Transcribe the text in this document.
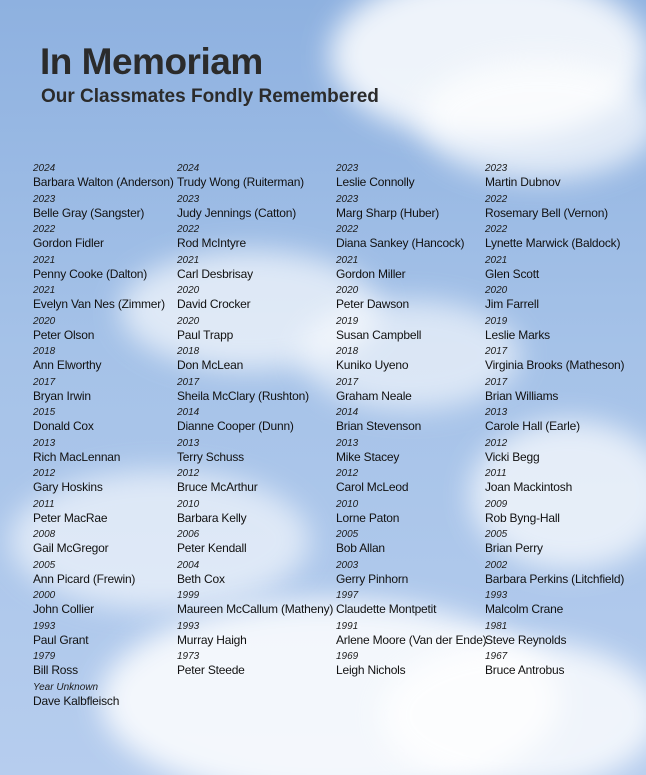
In Memoriam
Our Classmates Fondly Remembered
2024
Barbara Walton (Anderson)
2023
Belle Gray (Sangster)
2022
Gordon Fidler
2021
Penny Cooke (Dalton)
2021
Evelyn Van Nes (Zimmer)
2020
Peter Olson
2018
Ann Elworthy
2017
Bryan Irwin
2015
Donald Cox
2013
Rich MacLennan
2012
Gary Hoskins
2011
Peter MacRae
2008
Gail McGregor
2005
Ann Picard (Frewin)
2000
John Collier
1993
Paul Grant
1979
Bill Ross
Year Unknown
Dave Kalbfleisch
2024
Trudy Wong (Ruiterman)
2023
Judy Jennings (Catton)
2022
Rod McIntyre
2021
Carl Desbrisay
2020
David Crocker
2020
Paul Trapp
2018
Don McLean
2017
Sheila McClary (Rushton)
2014
Dianne Cooper (Dunn)
2013
Terry Schuss
2012
Bruce McArthur
2010
Barbara Kelly
2006
Peter Kendall
2004
Beth Cox
1999
Maureen McCallum (Matheny)
1993
Murray Haigh
1973
Peter Steede
2023
Leslie Connolly
2023
Marg Sharp (Huber)
2022
Diana Sankey (Hancock)
2021
Gordon Miller
2020
Peter Dawson
2019
Susan Campbell
2018
Kuniko Uyeno
2017
Graham Neale
2014
Brian Stevenson
2013
Mike Stacey
2012
Carol McLeod
2010
Lorne Paton
2005
Bob Allan
2003
Gerry Pinhorn
1997
Claudette Montpetit
1991
Arlene Moore (Van der Ende)
1969
Leigh Nichols
2023
Martin Dubnov
2022
Rosemary Bell (Vernon)
2022
Lynette Marwick (Baldock)
2021
Glen Scott
2020
Jim Farrell
2019
Leslie Marks
2017
Virginia Brooks (Matheson)
2017
Brian Williams
2013
Carole Hall (Earle)
2012
Vicki Begg
2011
Joan Mackintosh
2009
Rob Byng-Hall
2005
Brian Perry
2002
Barbara Perkins (Litchfield)
1993
Malcolm Crane
1981
Steve Reynolds
1967
Bruce Antrobus
